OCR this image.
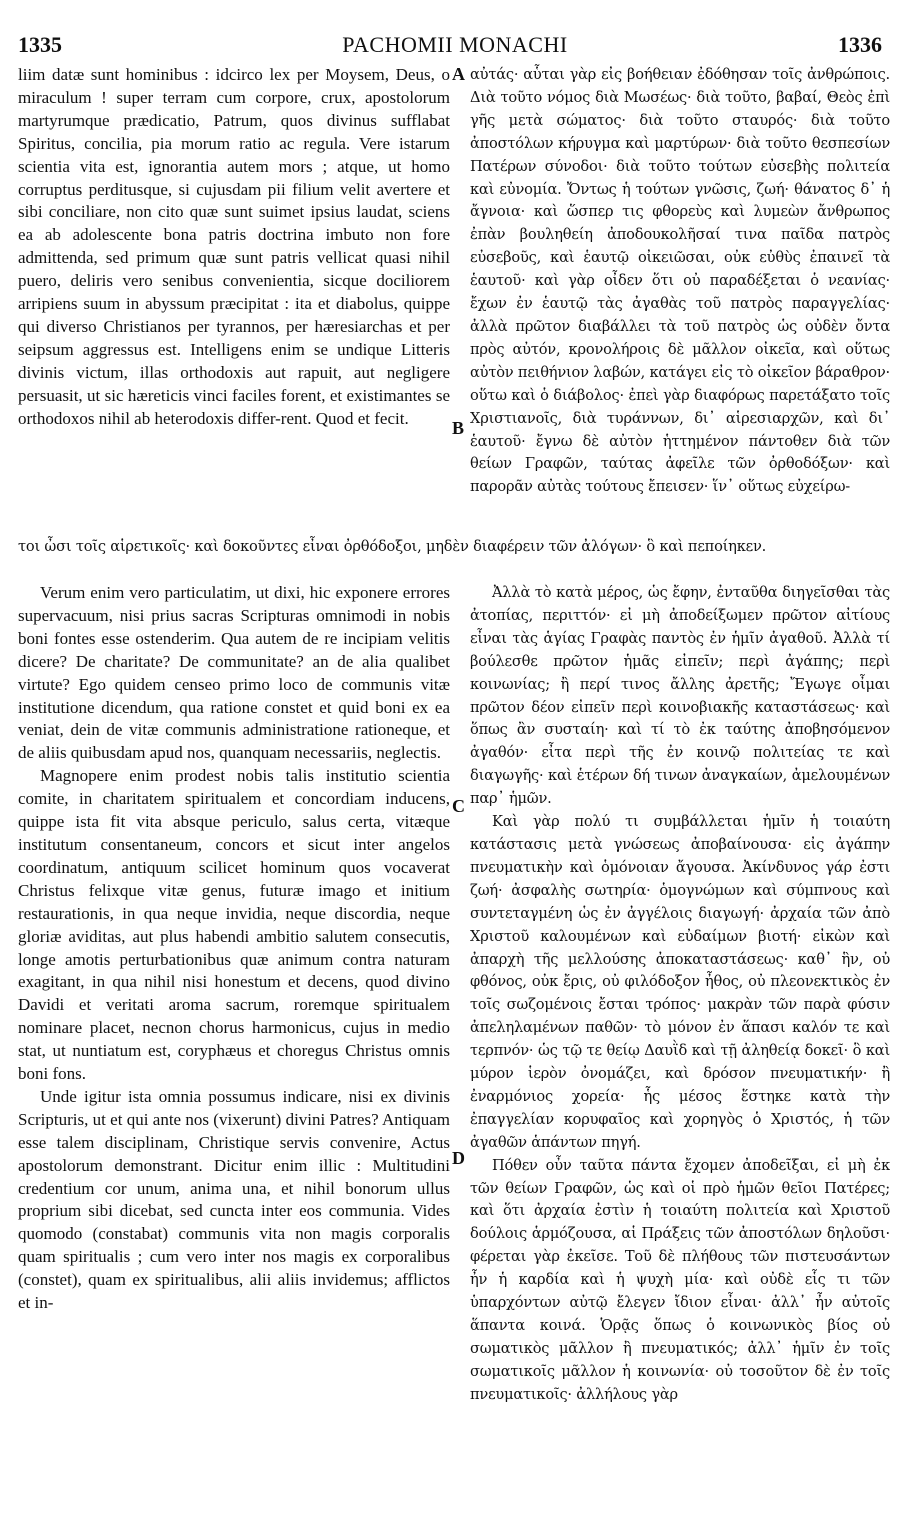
1335	PACHOMII MONACHI	1336

liim datæ sunt hominibus : idcirco lex per Moysem, Deus, o miraculum ! super terram cum corpore, crux, apostolorum martyrumque prædicatio, Patrum, quos divinus sufflabat Spiritus, concilia, pia morum ratio ac regula. Vere istarum scientia vita est, ignorantia autem mors ; atque, ut homo corruptus perditusque, si cujusdam pii filium velit avertere et sibi conciliare, non cito quæ sunt suimet ipsius laudat, sciens ea ab adolescente bona patris doctrina imbuto non fore admittenda, sed primum quæ sunt patris vellicat quasi nihil puero, deliris vero senibus convenientia, sicque dociliorem arripiens suum in abyssum præcipitat : ita et diabolus, quippe qui diverso Christianos per tyrannos, per hæresiarchas et per seipsum aggressus est. Intelligens enim se undique Litteris divinis victum, illas orthodoxis aut rapuit, aut negligere persuasit, ut sic hæreticis vinci faciles forent, et existimantes se orthodoxos nihil ab heterodoxis differ-rent. Quod et fecit.

αὐτάς· αὗται γὰρ εἰς βοήθειαν ἐδόθησαν τοῖς ἀνθρώποις. Διὰ τοῦτο νόμος διὰ Μωσέως· διὰ τοῦτο, βαβαί, Θεὸς ἐπὶ γῆς μετὰ σώματος· διὰ τοῦτο σταυρός· διὰ τοῦτο ἀποστόλων κήρυγμα καὶ μαρτύρων· διὰ τοῦτο θεσπεσίων Πατέρων σύνοδοι· διὰ τοῦτο τούτων εὐσεβὴς πολιτεία καὶ εὐνομία. Ὄντως ἡ τούτων γνῶσις, ζωή· θάνατος δ᾿ ἡ ἄγνοια· καὶ ὥσπερ τις φθορεὺς καὶ λυμεὼν ἄνθρωπος ἐπὰν βουληθείη ἀποδουκολῆσαί τινα παῖδα πατρὸς εὐσεβοῦς, καὶ ἑαυτῷ οἰκειῶσαι, οὐκ εὐθὺς ἐπαινεῖ τὰ ἑαυτοῦ· καὶ γὰρ οἶδεν ὅτι οὐ παραδέξεται ὁ νεανίας· ἔχων ἐν ἑαυτῷ τὰς ἀγαθὰς τοῦ πατρὸς παραγγελίας· ἀλλὰ πρῶτον διαβάλλει τὰ τοῦ πατρὸς ὡς οὐδὲν ὄντα πρὸς αὐτόν, κρονολήροις δὲ μᾶλλον οἰκεῖα, καὶ οὕτως αὐτὸν πειθήνιον λαβών, κατάγει εἰς τὸ οἰκεῖον βάραθρον· οὕτω καὶ ὁ διάβολος· ἐπεὶ γὰρ διαφόρως παρετάξατο τοῖς Χριστιανοῖς, διὰ τυράννων, δι᾿ αἱρεσιαρχῶν, καὶ δι᾿ ἑαυτοῦ· ἔγνω δὲ αὐτὸν ἡττημένον πάντοθεν διὰ τῶν θείων Γραφῶν, ταύτας ἀφεῖλε τῶν ὀρθοδόξων· καὶ παρορᾶν αὐτὰς τούτους ἔπεισεν· ἵν᾿ οὕτως εὐχείρω-

τοι ὦσι τοῖς αἱρετικοῖς· καὶ δοκοῦντες εἶναι ὀρθόδοξοι, μηδὲν διαφέρειν τῶν ἀλόγων· ὃ καὶ πεποίηκεν.

Verum enim vero particulatim, ut dixi, hic exponere errores supervacuum, nisi prius sacras Scripturas omnimodi in nobis boni fontes esse ostenderim. Qua autem de re incipiam velitis dicere? De charitate? De communitate? an de alia qualibet virtute? Ego quidem censeo primo loco de communis vitæ institutione dicendum, qua ratione constet et quid boni ex ea veniat, dein de vitæ communis administratione rationeque, et de aliis quibusdam apud nos, quanquam necessariis, neglectis.

Magnopere enim prodest nobis talis institutio scientia comite, in charitatem spiritualem et concordiam inducens, quippe ista fit vita absque periculo, salus certa, vitæque institutum consentaneum, concors et sicut inter angelos coordinatum, antiquum scilicet hominum quos vocaverat Christus felixque vitæ genus, futuræ imago et initium restaurationis, in qua neque invidia, neque discordia, neque gloriæ aviditas, aut plus habendi ambitio salutem consecutis, longe amotis perturbationibus quæ animum contra naturam exagitant, in qua nihil nisi honestum et decens, quod divino Davidi et veritati aroma sacrum, roremque spiritualem nominare placet, necnon chorus harmonicus, cujus in medio stat, ut nuntiatum est, coryphæus et choregus Christus omnis boni fons.

Unde igitur ista omnia possumus indicare, nisi ex divinis Scripturis, ut et qui ante nos (vixerunt) divini Patres? Antiquam esse talem disciplinam, Christique servis convenire, Actus apostolorum demonstrant. Dicitur enim illic : Multitudini credentium cor unum, anima una, et nihil bonorum ullus proprium sibi dicebat, sed cuncta inter eos communia. Vides quomodo (constabat) communis vita non magis corporalis quam spiritualis ; cum vero inter nos magis ex corporalibus (constet), quam ex spiritualibus, alii aliis invidemus; afflictos et in-

Ἀλλὰ τὸ κατὰ μέρος, ὡς ἔφην, ἐνταῦθα διηγεῖσθαι τὰς ἀτοπίας, περιττόν· εἰ μὴ ἀποδείξωμεν πρῶτον αἰτίους εἶναι τὰς ἁγίας Γραφὰς παντὸς ἐν ἡμῖν ἀγαθοῦ. Ἀλλὰ τί βούλεσθε πρῶτον ἡμᾶς εἰπεῖν; περὶ ἀγάπης; περὶ κοινωνίας; ἢ περί τινος ἄλλης ἀρετῆς; Ἔγωγε οἶμαι πρῶτον δέον εἰπεῖν περὶ κοινοβιακῆς καταστάσεως· καὶ ὅπως ἂν συσταίη· καὶ τί τὸ ἐκ ταύτης ἀποβησόμενον ἀγαθόν· εἶτα περὶ τῆς ἐν κοινῷ πολιτείας τε καὶ διαγωγῆς· καὶ ἑτέρων δή τινων ἀναγκαίων, ἀμελουμένων παρ᾿ ἡμῶν.

Καὶ γὰρ πολύ τι συμβάλλεται ἡμῖν ἡ τοιαύτη κατάστασις μετὰ γνώσεως ἀποβαίνουσα· εἰς ἀγάπην πνευματικὴν καὶ ὁμόνοιαν ἄγουσα. Ἀκίνδυνος γάρ ἐστι ζωή· ἀσφαλὴς σωτηρία· ὁμογνώμων καὶ σύμπνους καὶ συντεταγμένη ὡς ἐν ἀγγέλοις διαγωγή· ἀρχαία τῶν ἀπὸ Χριστοῦ καλουμένων καὶ εὐδαίμων βιοτή· εἰκὼν καὶ ἀπαρχὴ τῆς μελλούσης ἀποκαταστάσεως· καθ᾿ ἣν, οὐ φθόνος, οὐκ ἔρις, οὐ φιλόδοξον ἦθος, οὐ πλεονεκτικὸς ἐν τοῖς σωζομένοις ἔσται τρόπος· μακρὰν τῶν παρὰ φύσιν ἀπεληλαμένων παθῶν· τὸ μόνον ἐν ἅπασι καλόν τε καὶ τερπνόν· ὡς τῷ τε θείῳ Δαυῒδ καὶ τῇ ἀληθείᾳ δοκεῖ· ὃ καὶ μύρον ἱερὸν ὀνομάζει, καὶ δρόσον πνευματικήν· ἢ ἐναρμόνιος χορεία· ἧς μέσος ἕστηκε κατὰ τὴν ἐπαγγελίαν κορυφαῖος καὶ χορηγὸς ὁ Χριστός, ἡ τῶν ἀγαθῶν ἁπάντων πηγή.

Πόθεν οὖν ταῦτα πάντα ἔχομεν ἀποδεῖξαι, εἰ μὴ ἐκ τῶν θείων Γραφῶν, ὡς καὶ οἱ πρὸ ἡμῶν θεῖοι Πατέρες; καὶ ὅτι ἀρχαία ἐστὶν ἡ τοιαύτη πολιτεία καὶ Χριστοῦ δούλοις ἁρμόζουσα, αἱ Πράξεις τῶν ἀποστόλων δηλοῦσι· φέρεται γὰρ ἐκεῖσε. Τοῦ δὲ πλήθους τῶν πιστευσάντων ἦν ἡ καρδία καὶ ἡ ψυχὴ μία· καὶ οὐδὲ εἷς τι τῶν ὑπαρχόντων αὐτῷ ἔλεγεν ἴδιον εἶναι· ἀλλ᾿ ἦν αὐτοῖς ἅπαντα κοινά. Ὁρᾷς ὅπως ὁ κοινωνικὸς βίος οὐ σωματικὸς μᾶλλον ἢ πνευματικός; ἀλλ᾿ ἡμῖν ἐν τοῖς σωματικοῖς μᾶλλον ἡ κοινωνία· οὐ τοσοῦτον δὲ ἐν τοῖς πνευματικοῖς· ἀλλήλους γὰρ

A
B
C
D
